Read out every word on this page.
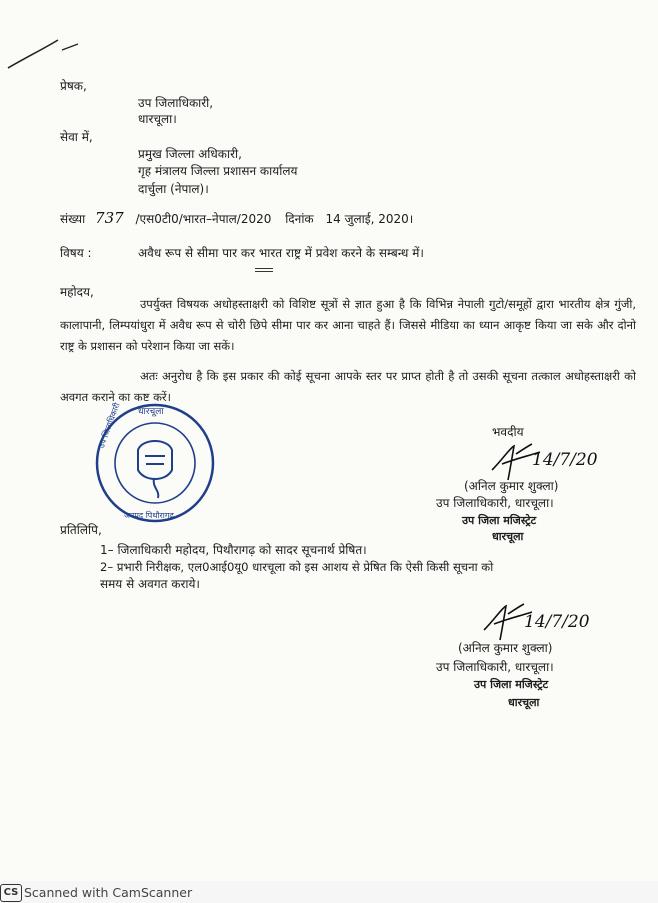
प्रेषक,
उप जिलाधिकारी,
धारचूला।
सेवा में,
प्रमुख जिल्ला अधिकारी,
गृह मंत्रालय जिल्ला प्रशासन कार्यालय
दार्चुला (नेपाल)।
संख्या 737 /एस0टी0/भारत–नेपाल/2020 दिनांक 14 जुलाई, 2020।
विषय :	अवैध रूप से सीमा पार कर भारत राष्ट्र में प्रवेश करने के सम्बन्ध में।
महोदय,
उपर्युक्त विषयक अधोहस्ताक्षरी को विशिष्ट सूत्रों से ज्ञात हुआ है कि विभिन्न नेपाली गुटो/समूहों द्वारा भारतीय क्षेत्र गुंजी, कालापानी, लिम्पयांधुरा में अवैध रूप से चोरी छिपे सीमा पार कर आना चाहते हैं। जिससे मीडिया का ध्यान आकृष्ट किया जा सके और दोनो राष्ट्र के प्रशासन को परेशान किया जा सकें।
अतः अनुरोध है कि इस प्रकार की कोई सूचना आपके स्तर पर प्राप्त होती है तो उसकी सूचना तत्काल अधोहस्ताक्षरी को अवगत कराने का कष्ट करें।
धारचूला
उप जिलाधिकारी
जनपद पिथौरागढ़
भवदीय
14/7/20
(अनिल कुमार शुक्ला)
उप जिलाधिकारी, धारचूला।
उप जिला मजिस्ट्रेट
धारचूला
प्रतिलिपि,
1– जिलाधिकारी महोदय, पिथौरागढ़ को सादर सूचनार्थ प्रेषित।
2– प्रभारी निरीक्षक, एल0आई0यू0 धारचूला को इस आशय से प्रेषित कि ऐसी किसी सूचना को
समय से अवगत कराये।
14/7/20
(अनिल कुमार शुक्ला)
उप जिलाधिकारी, धारचूला।
उप जिला मजिस्ट्रेट
धारचूला
CS Scanned with CamScanner
